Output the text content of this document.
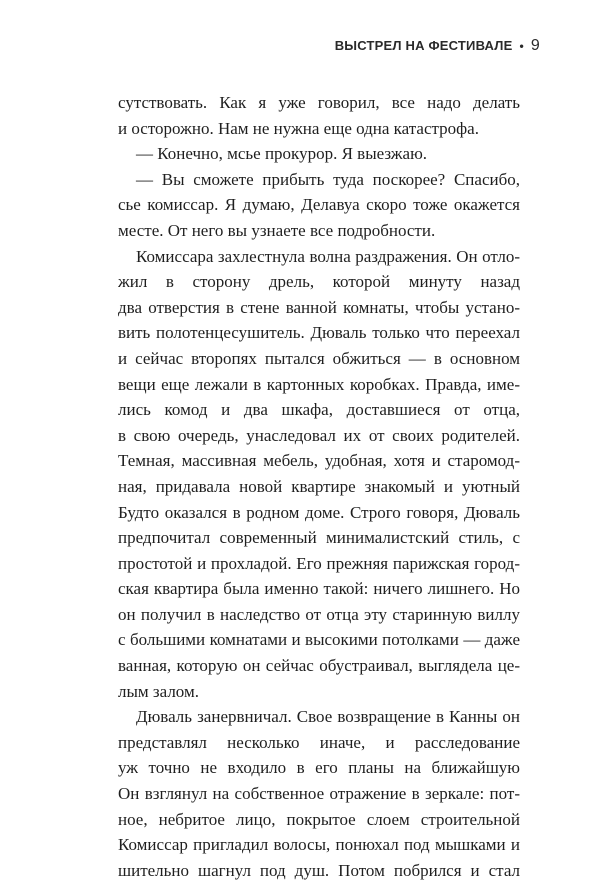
ВЫСТРЕЛ НА ФЕСТИВАЛЕ • 9
сутствовать. Как я уже говорил, все надо делать
и осторожно. Нам не нужна еще одна катастрофа.
— Конечно, мсье прокурор. Я выезжаю.
— Вы сможете прибыть туда поскорее? Спасибо,
сье комиссар. Я думаю, Делавуа скоро тоже окажется
месте. От него вы узнаете все подробности.
Комиссара захлестнула волна раздражения. Он отло-
жил в сторону дрель, которой минуту назад
два отверстия в стене ванной комнаты, чтобы устано-
вить полотенцесушитель. Дюваль только что переехал
и сейчас второпях пытался обжиться — в основном
вещи еще лежали в картонных коробках. Правда, име-
лись комод и два шкафа, доставшиеся от отца,
в свою очередь, унаследовал их от своих родителей.
Темная, массивная мебель, удобная, хотя и старомод-
ная, придавала новой квартире знакомый и уютный
Будто оказался в родном доме. Строго говоря, Дюваль
предпочитал современный минималистский стиль, с
простотой и прохладой. Его прежняя парижская город-
ская квартира была именно такой: ничего лишнего. Но
он получил в наследство от отца эту старинную виллу
с большими комнатами и высокими потолками — даже
ванная, которую он сейчас обустраивал, выглядела це-
лым залом.
Дюваль занервничал. Свое возвращение в Канны он
представлял несколько иначе, и расследование
уж точно не входило в его планы на ближайшую
Он взглянул на собственное отражение в зеркале: пот-
ное, небритое лицо, покрытое слоем строительной
Комиссар пригладил волосы, понюхал под мышками и
шительно шагнул под душ. Потом побрился и стал
